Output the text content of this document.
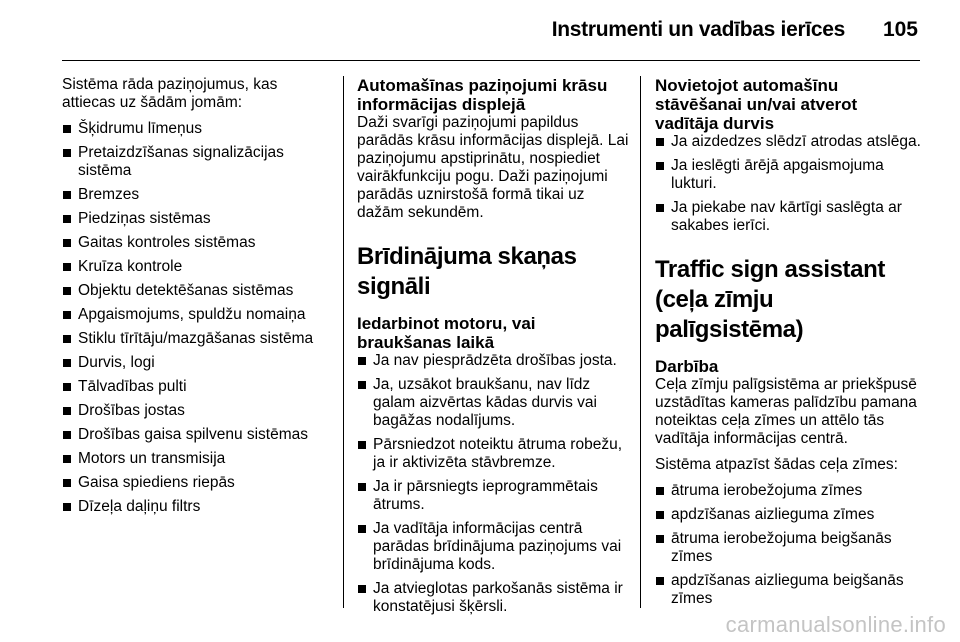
Instrumenti un vadības ierīces 105

Sistēma rāda paziņojumus, kas attiecas uz šādām jomām:

Šķidrumu līmeņus
Pretaizdzīšanas signalizācijas sistēma
Bremzes
Piedziņas sistēmas
Gaitas kontroles sistēmas
Kruīza kontrole
Objektu detektēšanas sistēmas
Apgaismojums, spuldžu nomaiņa
Stiklu tīrītāju/mazgāšanas sistēma
Durvis, logi
Tālvadības pulti
Drošības jostas
Drošības gaisa spilvenu sistēmas
Motors un transmisija
Gaisa spiediens riepās
Dīzeļa daļiņu filtrs
Automašīnas paziņojumi krāsu informācijas displejā

Daži svarīgi paziņojumi papildus parādās krāsu informācijas displejā. Lai paziņojumu apstiprinātu, nospiediet vairākfunkciju pogu. Daži paziņojumi parādās uznirstošā formā tikai uz dažām sekundēm.

Brīdinājuma skaņas signāli
Iedarbinot motoru, vai braukšanas laikā
Ja nav piesprādzēta drošības josta.
Ja, uzsākot braukšanu, nav līdz galam aizvērtas kādas durvis vai bagāžas nodalījums.
Pārsniedzot noteiktu ātruma robežu, ja ir aktivizēta stāvbremze.
Ja ir pārsniegts ieprogrammētais ātrums.
Ja vadītāja informācijas centrā parādas brīdinājuma paziņojums vai brīdinājuma kods.
Ja atvieglotas parkošanās sistēma ir konstatējusi šķērsli.
Novietojot automašīnu stāvēšanai un/vai atverot vadītāja durvis
Ja aizdedzes slēdzī atrodas atslēga.
Ja ieslēgti ārējā apgaismojuma lukturi.
Ja piekabe nav kārtīgi saslēgta ar sakabes ierīci.
Traffic sign assistant (ceļa zīmju palīgsistēma)
Darbība

Ceļa zīmju palīgsistēma ar priekšpusē uzstādītas kameras palīdzību pamana noteiktas ceļa zīmes un attēlo tās vadītāja informācijas centrā.

Sistēma atpazīst šādas ceļa zīmes:

ātruma ierobežojuma zīmes
apdzīšanas aizlieguma zīmes
ātruma ierobežojuma beigšanās zīmes
apdzīšanas aizlieguma beigšanās zīmes
carmanualsonline.info
